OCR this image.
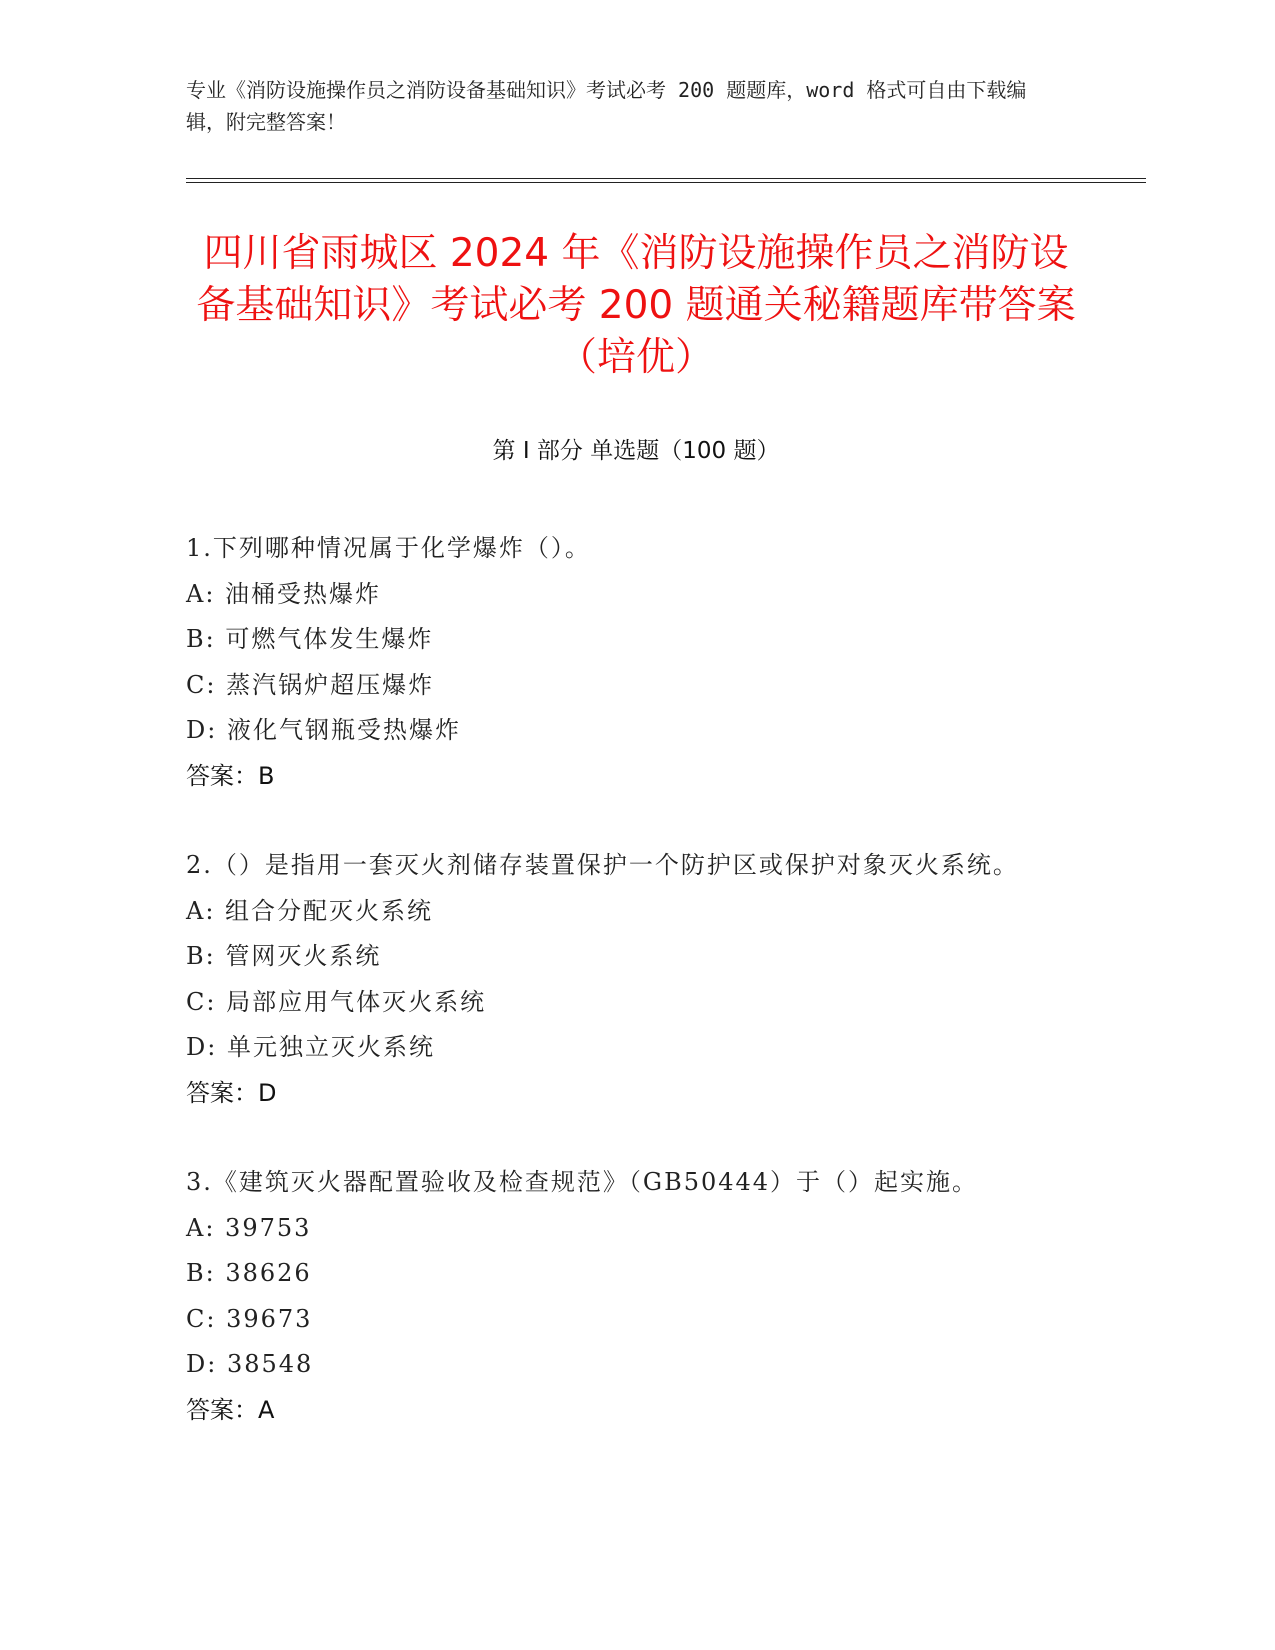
专业《消防设施操作员之消防设备基础知识》考试必考 200 题题库，word 格式可自由下载编辑，附完整答案！
四川省雨城区 2024 年《消防设施操作员之消防设备基础知识》考试必考 200 题通关秘籍题库带答案（培优）
第 I 部分 单选题（100 题）
1.下列哪种情况属于化学爆炸（）。
A: 油桶受热爆炸
B: 可燃气体发生爆炸
C: 蒸汽锅炉超压爆炸
D: 液化气钢瓶受热爆炸
答案：B
2.（）是指用一套灭火剂储存装置保护一个防护区或保护对象灭火系统。
A: 组合分配灭火系统
B: 管网灭火系统
C: 局部应用气体灭火系统
D: 单元独立灭火系统
答案：D
3.《建筑灭火器配置验收及检查规范》（GB50444）于（）起实施。
A: 39753
B: 38626
C: 39673
D: 38548
答案：A
